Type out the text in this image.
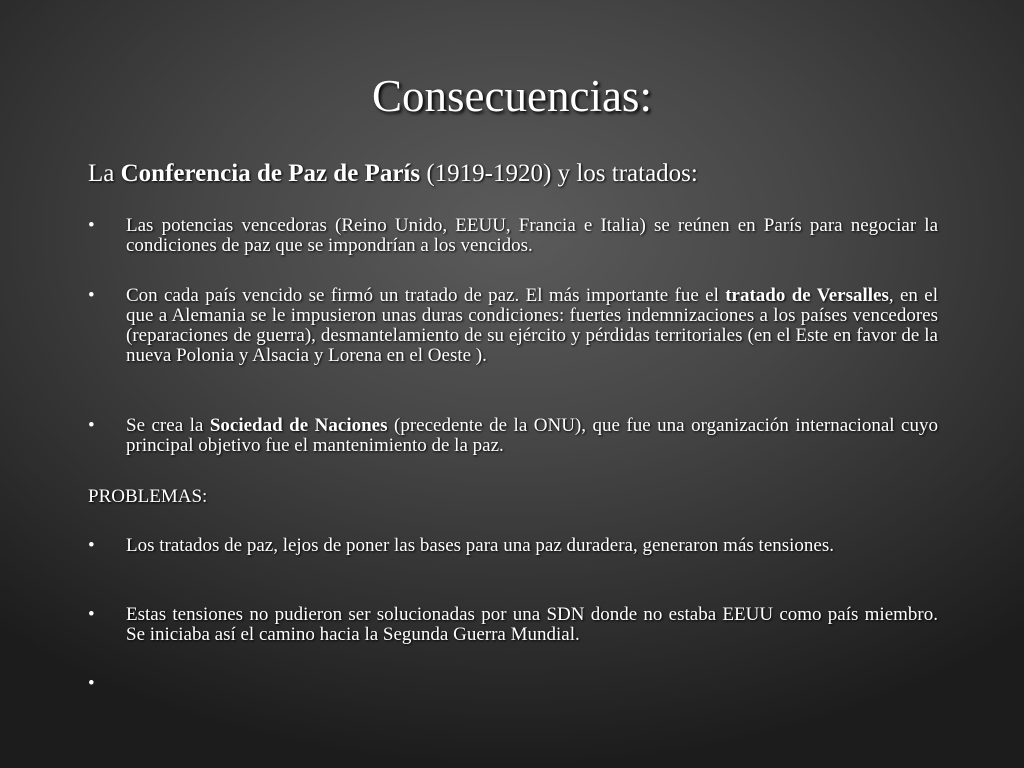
Consecuencias:
La Conferencia de Paz de París (1919-1920) y los tratados:
• Las potencias vencedoras (Reino Unido, EEUU, Francia e Italia) se reúnen en París para negociar la condiciones de paz que se impondrían a los vencidos.
• Con cada país vencido se firmó un tratado de paz. El más importante fue el tratado de Versalles, en el que a Alemania se le impusieron unas duras condiciones: fuertes indemnizaciones a los países vencedores (reparaciones de guerra), desmantelamiento de su ejército y pérdidas territoriales (en el Este en favor de la nueva Polonia y Alsacia y Lorena en el Oeste ).
• Se crea la Sociedad de Naciones (precedente de la ONU), que fue una organización internacional cuyo principal objetivo fue el mantenimiento de la paz.
PROBLEMAS:
• Los tratados de paz, lejos de poner las bases para una paz duradera, generaron más tensiones.
• Estas tensiones no pudieron ser solucionadas por una SDN donde no estaba EEUU como país miembro. Se iniciaba así el camino hacia la Segunda Guerra Mundial.
•
